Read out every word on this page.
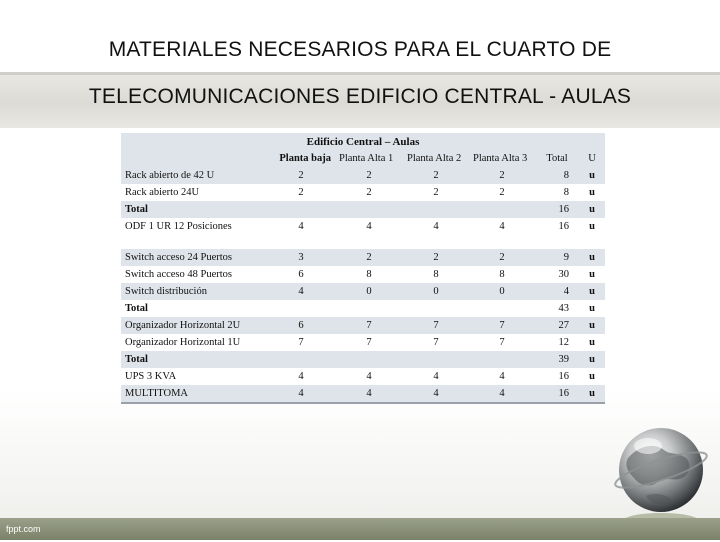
MATERIALES NECESARIOS PARA EL CUARTO DE
TELECOMUNICACIONES EDIFICIO CENTRAL - AULAS
Edificio Central – Aulas						
	Planta baja	Planta Alta 1	Planta Alta 2	Planta Alta 3	Total	U
Rack abierto de 42 U	2	2	2	2	8	u
Rack abierto 24U	2	2	2	2	8	u
Total					16	u
ODF 1 UR 12 Posiciones	4	4	4	4	16	u

Switch acceso 24 Puertos	3	2	2	2	9	u
Switch acceso 48 Puertos	6	8	8	8	30	u
Switch distribución	4	0	0	0	4	u
Total					43	u
Organizador Horizontal 2U	6	7	7	7	27	u
Organizador Horizontal 1U	7	7	7	7	12	u
Total					39	u
UPS 3 KVA	4	4	4	4	16	u
MULTITOMA	4	4	4	4	16	u
fppt.com
